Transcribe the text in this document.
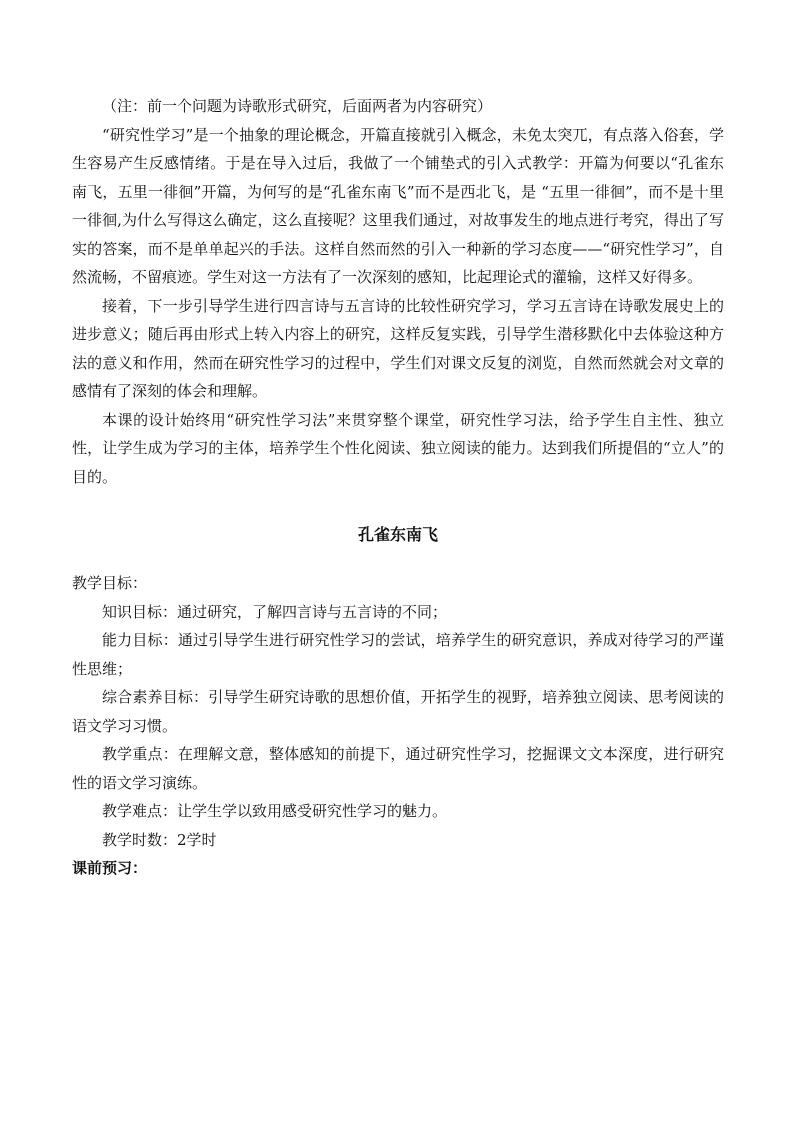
（注：前一个问题为诗歌形式研究，后面两者为内容研究）

“研究性学习”是一个抽象的理论概念，开篇直接就引入概念，未免太突兀，有点落入俗套，学生容易产生反感情绪。于是在导入过后，我做了一个铺垫式的引入式教学：开篇为何要以“孔雀东南飞，五里一徘徊”开篇，为何写的是“孔雀东南飞”而不是西北飞，是 “五里一徘徊”，而不是十里一徘徊,为什么写得这么确定，这么直接呢？这里我们通过，对故事发生的地点进行考究，得出了写实的答案，而不是单单起兴的手法。这样自然而然的引入一种新的学习态度——“研究性学习”，自然流畅，不留痕迹。学生对这一方法有了一次深刻的感知，比起理论式的灌输，这样又好得多。

接着，下一步引导学生进行四言诗与五言诗的比较性研究学习，学习五言诗在诗歌发展史上的进步意义；随后再由形式上转入内容上的研究，这样反复实践，引导学生潜移默化中去体验这种方法的意义和作用，然而在研究性学习的过程中，学生们对课文反复的浏览，自然而然就会对文章的感情有了深刻的体会和理解。

本课的设计始终用“研究性学习法”来贯穿整个课堂，研究性学习法，给予学生自主性、独立性，让学生成为学习的主体，培养学生个性化阅读、独立阅读的能力。达到我们所提倡的“立人”的目的。

孔雀东南飞

教学目标：

知识目标：通过研究，了解四言诗与五言诗的不同；

能力目标：通过引导学生进行研究性学习的尝试，培养学生的研究意识，养成对待学习的严谨性思维；

综合素养目标：引导学生研究诗歌的思想价值，开拓学生的视野，培养独立阅读、思考阅读的语文学习习惯。

教学重点：在理解文意，整体感知的前提下，通过研究性学习，挖掘课文文本深度，进行研究性的语文学习演练。

教学难点：让学生学以致用感受研究性学习的魅力。

教学时数：2学时

课前预习：
